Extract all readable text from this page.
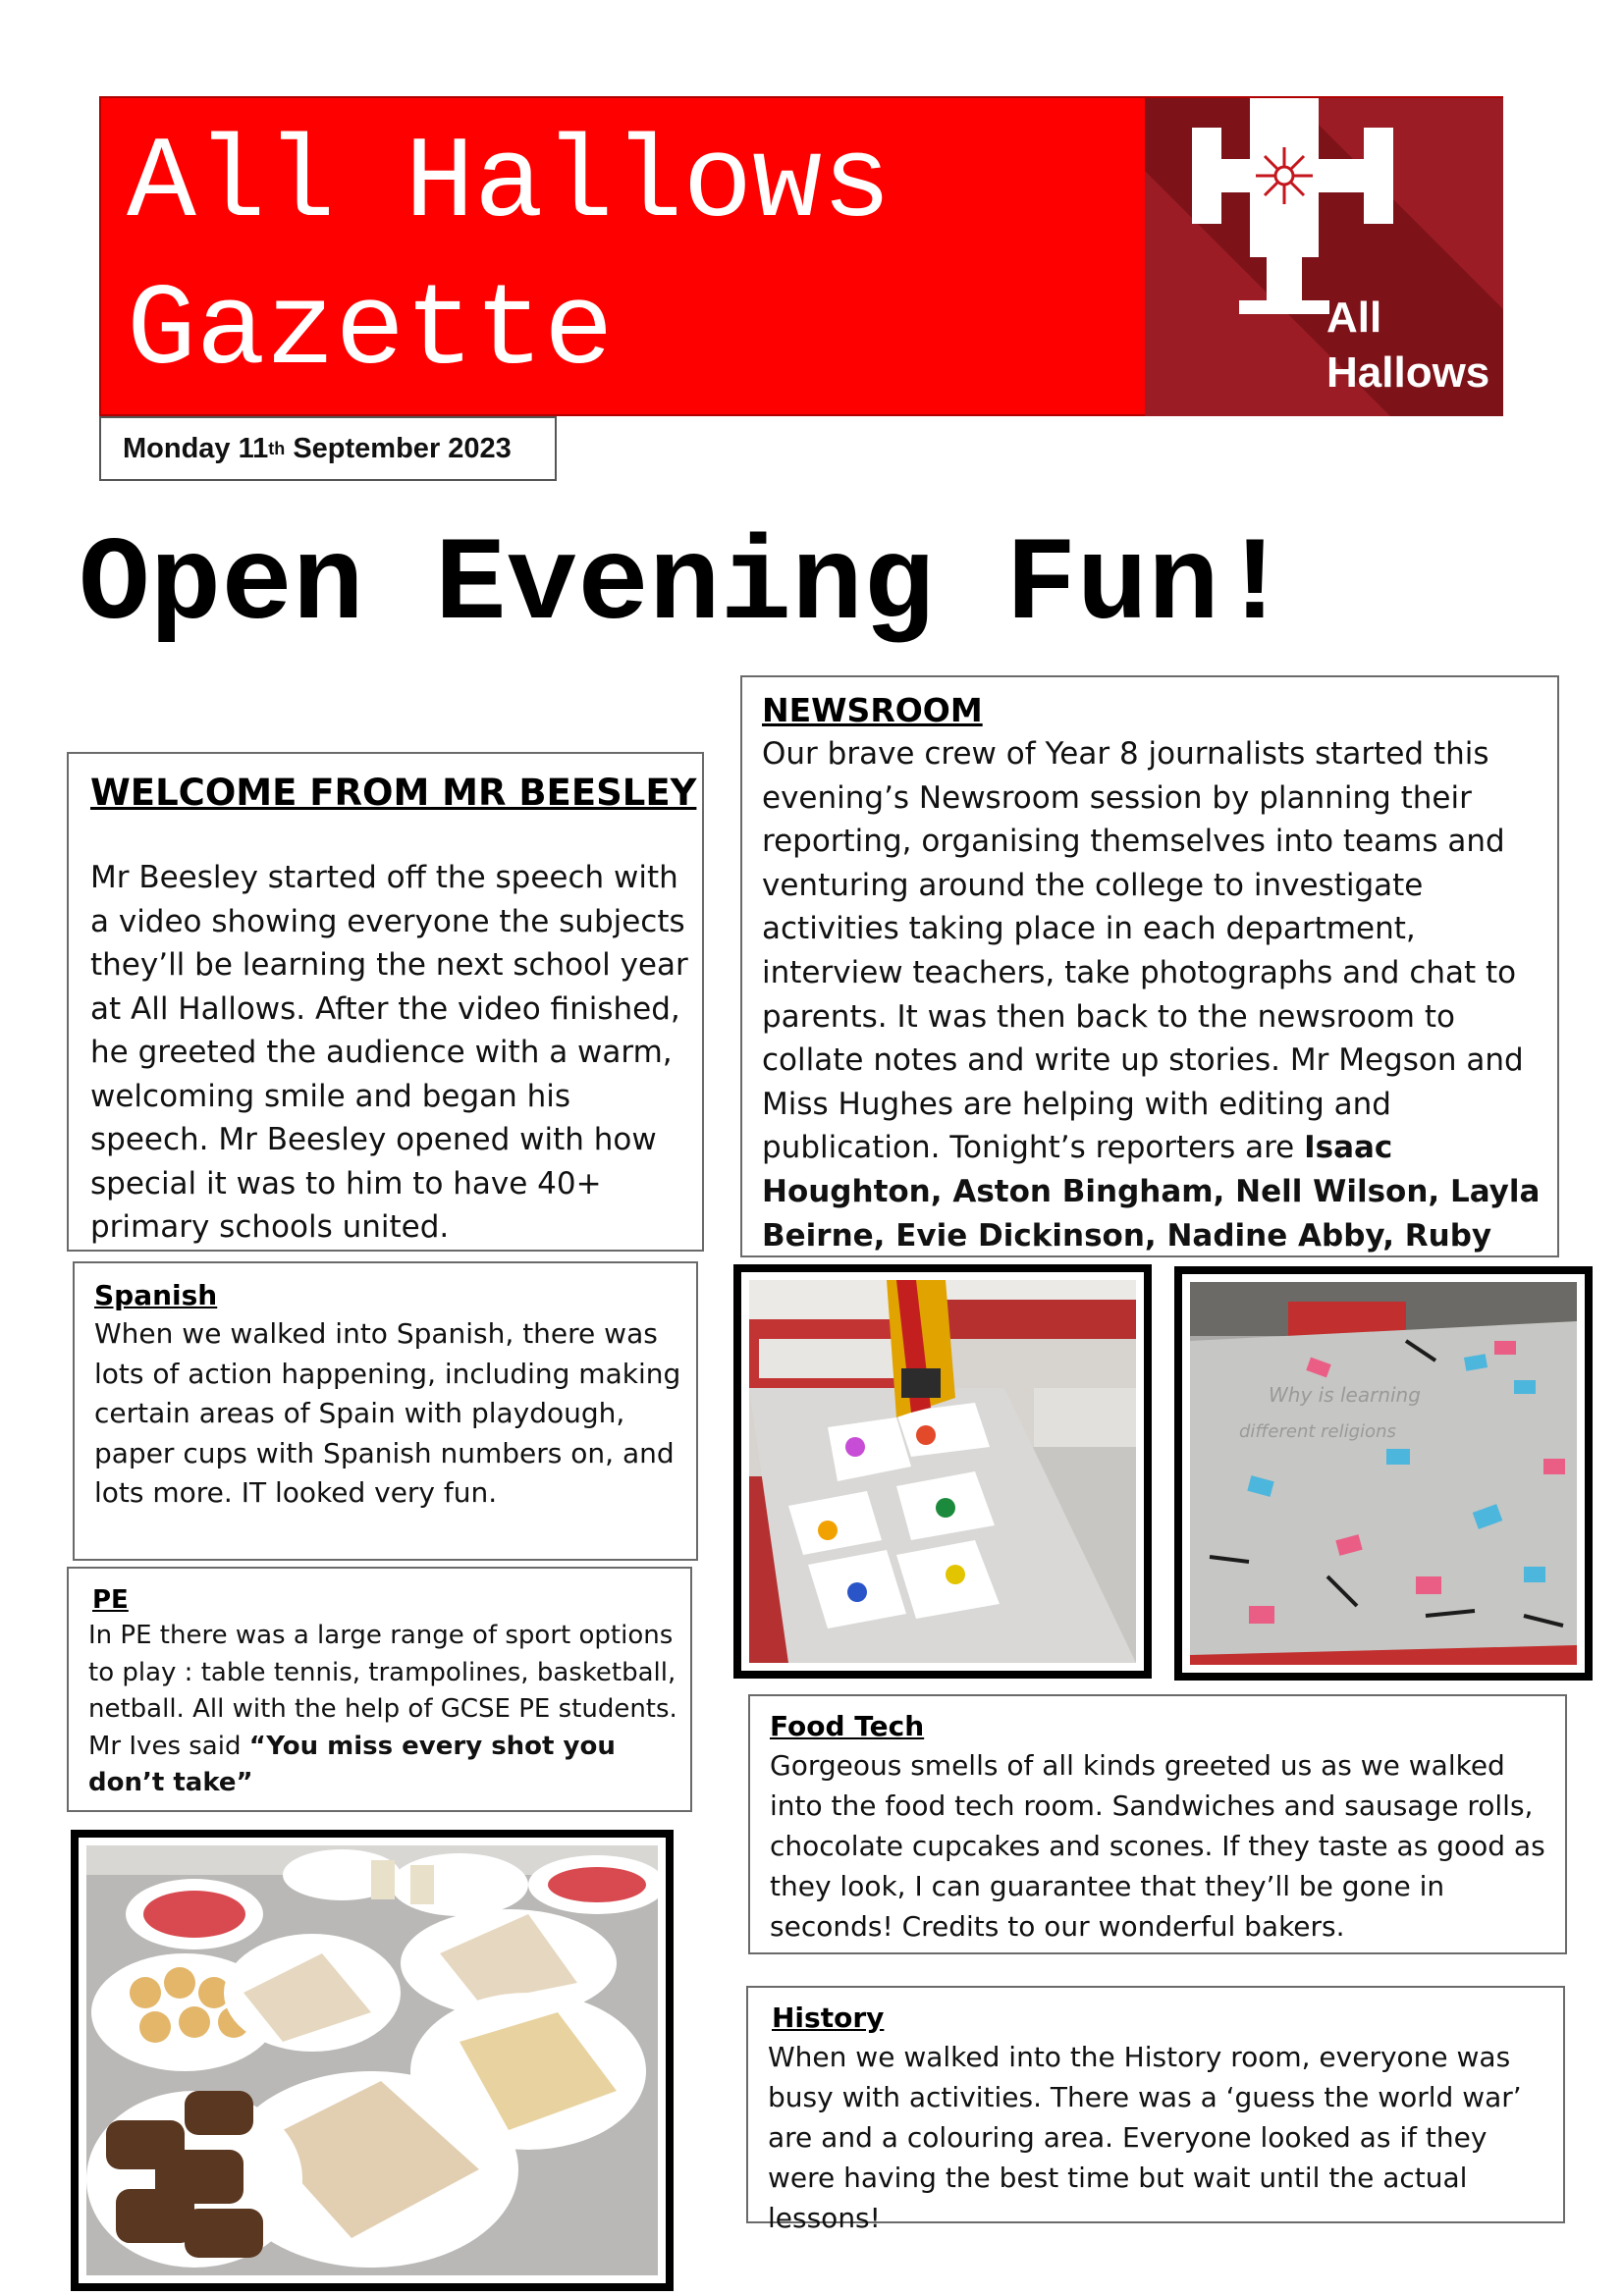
All Hallows
Gazette	All
Hallows
Monday 11 th September 2023
Open Evening Fun!
WELCOME FROM MR BEESLEY
Mr Beesley started off the speech with a video showing everyone the subjects they’ll be learning the next school year at All Hallows. After the video finished, he greeted the audience with a warm, welcoming smile and began his speech. Mr Beesley opened with how special it was to him to have 40+ primary schools united.
NEWSROOM
Our brave crew of Year 8 journalists started this evening’s Newsroom session by planning their reporting, organising themselves into teams and venturing around the college to investigate activities taking place in each department, interview teachers, take photographs and chat to parents. It was then back to the newsroom to collate notes and write up stories. Mr Megson and Miss Hughes are helping with editing and publication. Tonight’s reporters are Isaac Houghton, Aston Bingham, Nell Wilson, Layla Beirne, Evie Dickinson, Nadine Abby, Ruby
Spanish
When we walked into Spanish, there was lots of action happening, including making certain areas of Spain with playdough, paper cups with Spanish numbers on, and lots more. IT looked very fun.
PE
In PE there was a large range of sport options to play : table tennis, trampolines, basketball, netball. All with the help of GCSE PE students. Mr Ives said “You miss every shot you don’t take”
Food Tech
Gorgeous smells of all kinds greeted us as we walked into the food tech room. Sandwiches and sausage rolls, chocolate cupcakes and scones. If they taste as good as they look, I can guarantee that they’ll be gone in seconds! Credits to our wonderful bakers.
History
When we walked into the History room, everyone was busy with activities. There was a ‘guess the world war’ are and a colouring area. Everyone looked as if they were having the best time but wait until the actual lessons!
Why is learning
different religions
